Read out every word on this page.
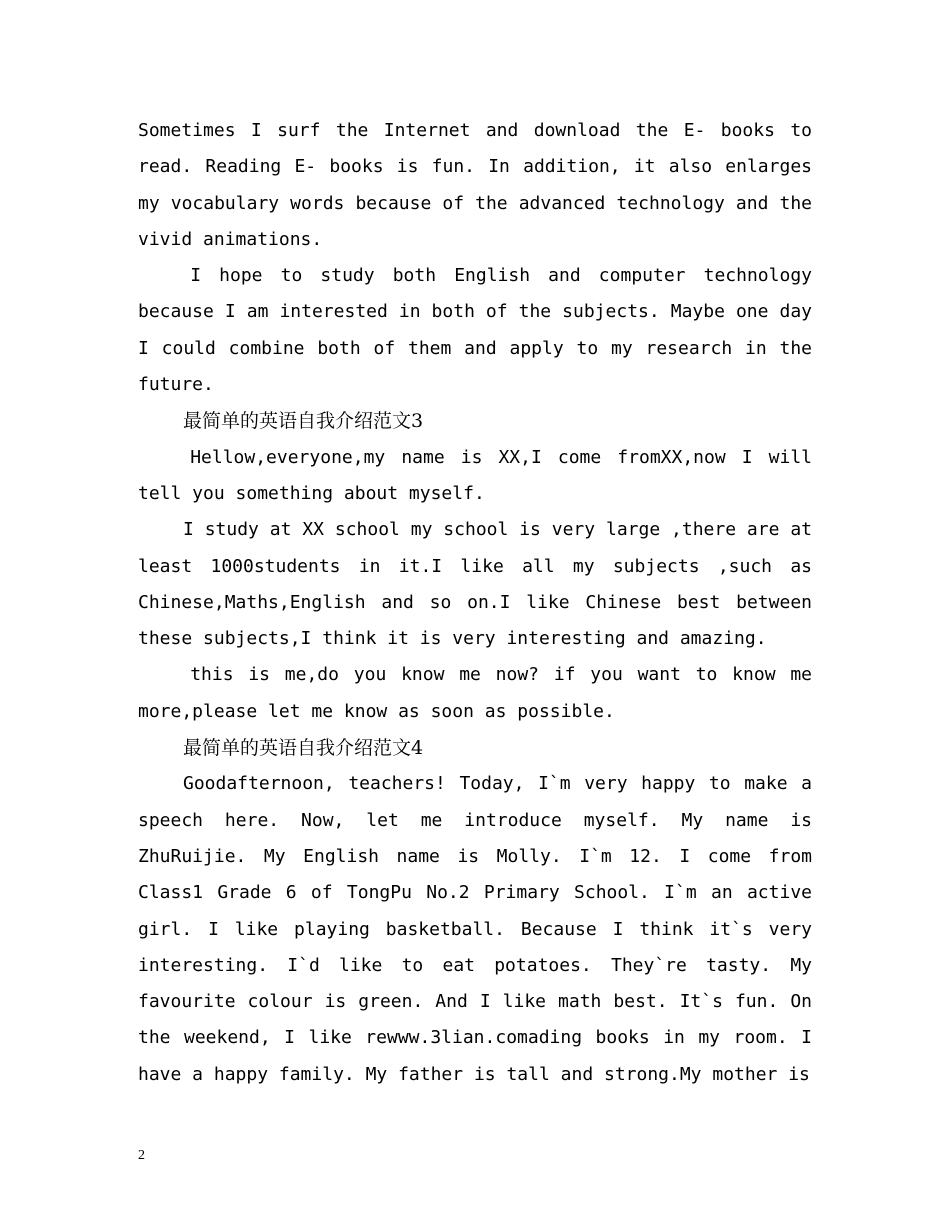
Sometimes I surf the Internet and download the E- books to read. Reading E- books is fun. In addition, it also enlarges my vocabulary words because of the advanced technology and the vivid animations.

I hope to study both English and computer technology because I am interested in both of the subjects. Maybe one day I could combine both of them and apply to my research in the future.

最简单的英语自我介绍范文3

Hellow,everyone,my name is XX,I come fromXX,now I will tell you something about myself.

I study at XX school my school is very large ,there are at least 1000students in it.I like all my subjects ,such as Chinese,Maths,English and so on.I like Chinese best between these subjects,I think it is very interesting and amazing.

this is me,do you know me now? if you want to know me more,please let me know as soon as possible.

最简单的英语自我介绍范文4

Goodafternoon, teachers! Today, I`m very happy to make a speech here. Now, let me introduce myself. My name is ZhuRuijie. My English name is Molly. I`m 12. I come from Class1 Grade 6 of TongPu No.2 Primary School. I`m an active girl. I like playing basketball. Because I think it`s very interesting. I`d like to eat potatoes. They`re tasty. My favourite colour is green. And I like math best. It`s fun. On the weekend, I like rewww.3lian.comading books in my room. I have a happy family. My father is tall and strong.My mother is

2
